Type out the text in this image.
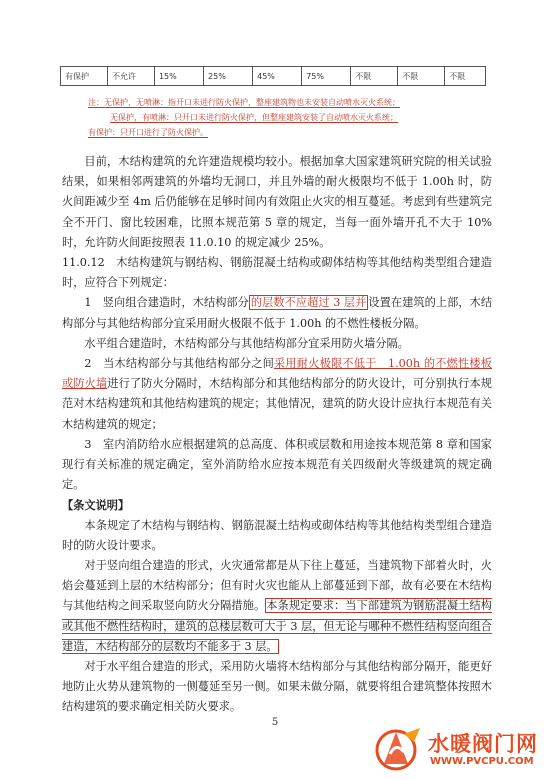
有保护	不允许	15%	25%	45%	75%	不限	不限	不限
注：无保护，无喷淋：指开口未进行防火保护，整座建筑物也未安装自动喷水灭火系统；
无保护，有喷淋：只开口未进行防火保护，但整座建筑安装了自动喷水灭火系统；
有保护：只开口进行了防火保护。

目前，木结构建筑的允许建造规模均较小。根据加拿大国家建筑研究院的相关试验结果，如果相邻两建筑的外墙均无洞口，并且外墙的耐火极限均不低于 1.00h 时，防火间距减少至 4m 后仍能够在足够时间内有效阻止火灾的相互蔓延。考虑到有些建筑完全不开门、窗比较困难，比照本规范第 5 章的规定，当每一面外墙开孔不大于 10%时，允许防火间距按照表 11.0.10 的规定减少 25%。

11.0.12　木结构建筑与钢结构、钢筋混凝土结构或砌体结构等其他结构类型组合建造时，应符合下列规定：

1　竖向组合建造时，木结构部分 的层数不应超过 3 层并 设置在建筑的上部，木结构部分与其他结构部分宜采用耐火极限不低于 1.00h 的不燃性楼板分隔。

水平组合建造时，木结构部分与其他结构部分宜采用防火墙分隔。

2　当木结构部分与其他结构部分之间采用耐火极限不低于　1.00h 的不燃性楼板或防火墙进行了防火分隔时，木结构部分和其他结构部分的防火设计，可分别执行本规范对木结构建筑和其他结构建筑的规定；其他情况，建筑的防火设计应执行本规范有关木结构建筑的规定；

3　室内消防给水应根据建筑的总高度、体积或层数和用途按本规范第 8 章和国家现行有关标准的规定确定，室外消防给水应按本规范有关四级耐火等级建筑的规定确定。

【条文说明】

本条规定了木结构与钢结构、钢筋混凝土结构或砌体结构等其他结构类型组合建造时的防火设计要求。

对于竖向组合建造的形式，火灾通常都是从下往上蔓延，当建筑物下部着火时，火焰会蔓延到上层的木结构部分；但有时火灾也能从上部蔓延到下部，故有必要在木结构与其他结构之间采取竖向防火分隔措施。本条规定要求：当下部建筑为钢筋混凝土结构或其他不燃性结构时，建筑的总楼层数可大于 3 层，但无论与哪种不燃性结构竖向组合建造，木结构部分的层数均不能多于 3 层。

对于水平组合建造的形式，采用防火墙将木结构部分与其他结构部分隔开，能更好地防止火势从建筑物的一侧蔓延至另一侧。如果未做分隔，就要将组合建筑整体按照木结构建筑的要求确定相关防火要求。

5
水暖阀门网
WWW.PVCPU.COM
